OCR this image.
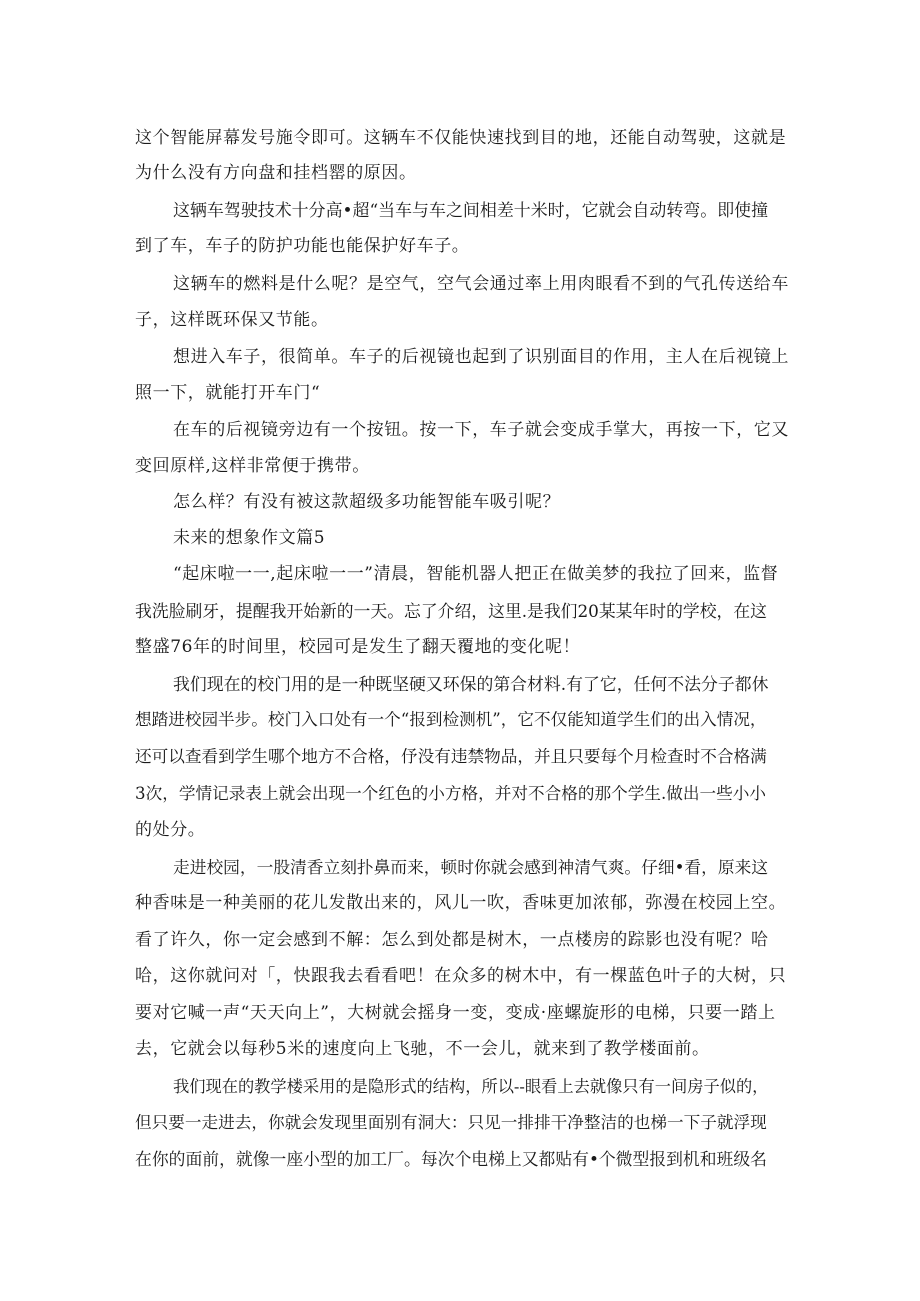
这个智能屏幕发号施令即可。这辆车不仅能快速找到目的地，还能自动驾驶，这就是
为什么没有方向盘和挂档罂的原因。
这辆车驾驶技术十分高•超“当车与车之间相差十米时，它就会自动转弯。即使撞
到了车，车子的防护功能也能保护好车子。
这辆车的燃料是什么呢？是空气，空气会通过率上用肉眼看不到的气孔传送给车
子，这样既环保又节能。
想进入车子，很简单。车子的后视镜也起到了识别面目的作用，主人在后视镜上
照一下，就能打开车门“
在车的后视镜旁边有一个按钮。按一下，车子就会变成手掌大，再按一下，它又
变回原样,这样非常便于携带。
怎么样？有没有被这款超级多功能智能车吸引呢？
未来的想象作文篇5
“起床啦一一,起床啦一一”清晨，智能机器人把正在做美梦的我拉了回来，监督
我洗脸刷牙，提醒我开始新的一天。忘了介绍，这里.是我们20某某年时的学校，在这
整盛76年的时间里，校园可是发生了翻天覆地的变化呢！
我们现在的校门用的是一种既坚硬又环保的第合材料.有了它，任何不法分子都休
想踏进校园半步。校门入口处有一个“报到检测机”，它不仅能知道学生们的出入情况，
还可以查看到学生哪个地方不合格，伃没有违禁物品，并且只要每个月检查时不合格满
3次，学情记录表上就会出现一个红色的小方格，并对不合格的那个学生.做出一些小小
的处分。
走进校园，一股清香立刻扑鼻而来，顿时你就会感到神清气爽。仔细•看，原来这
种香味是一种美丽的花儿发散出来的，风儿一吹，香味更加浓郁，弥漫在校园上空。
看了许久，你一定会感到不解：怎么到处都是树木，一点楼房的踪影也没有呢？哈
哈，这你就问对「，快跟我去看看吧！在众多的树木中，有一棵蓝色叶子的大树，只
要对它喊一声“天天向上”，大树就会摇身一变，变成·座螺旋形的电梯，只要一踏上
去，它就会以每秒5米的速度向上飞驰，不一会儿，就来到了教学楼面前。
我们现在的教学楼采用的是隐形式的结构，所以--眼看上去就像只有一间房子似的，
但只要一走进去，你就会发现里面别有洞大：只见一排排干净整洁的也梯一下子就浮现
在你的面前，就像一座小型的加工厂。每次个电梯上又都贴有•个微型报到机和班级名
